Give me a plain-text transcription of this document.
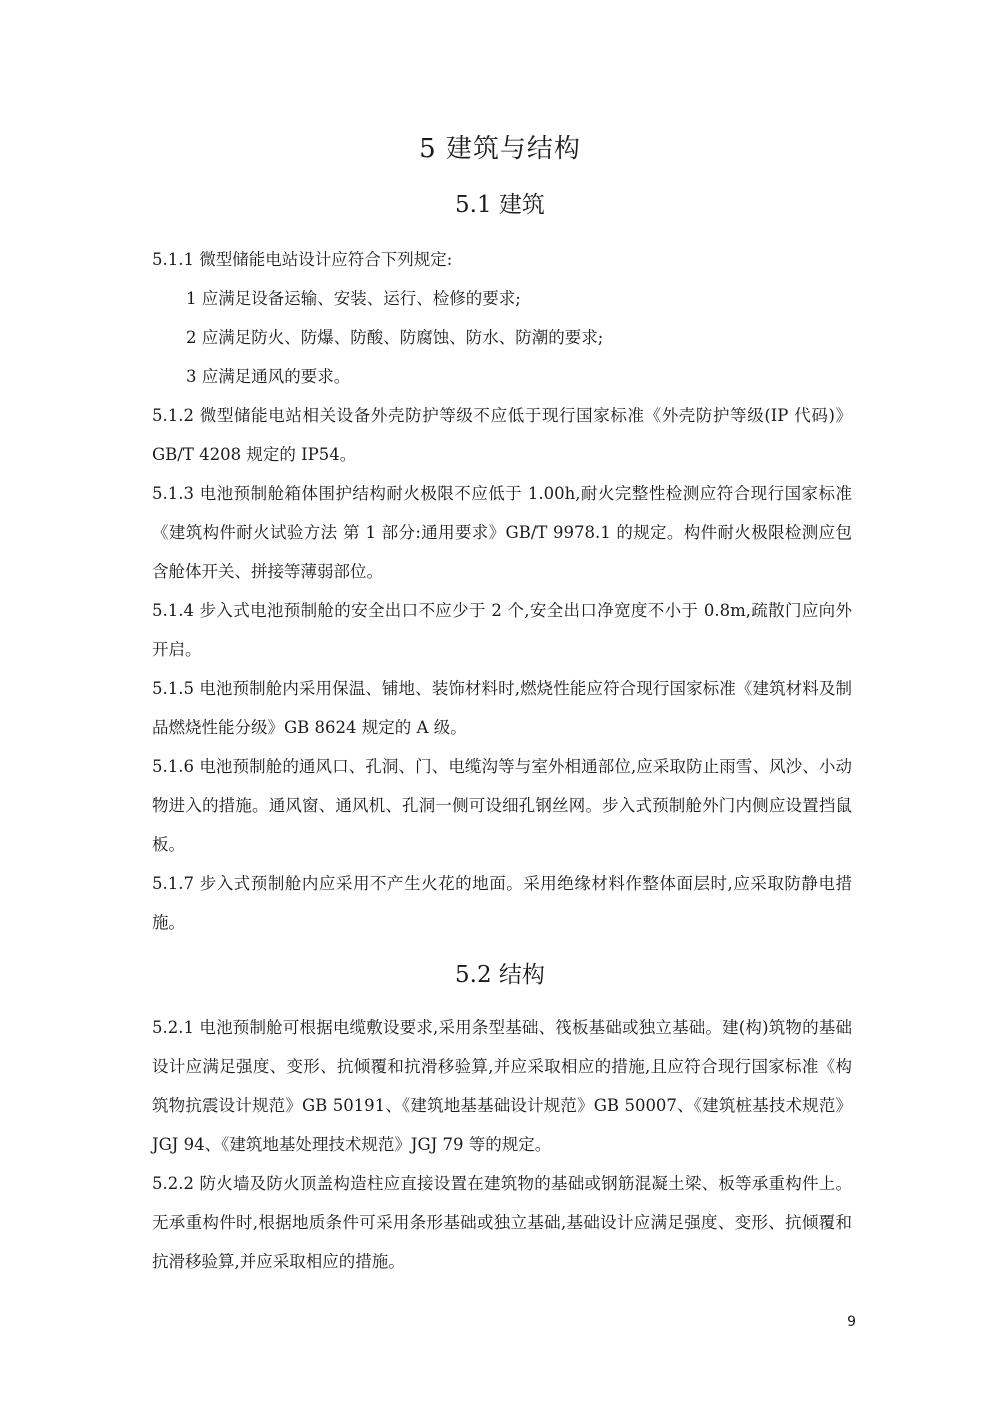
5 建筑与结构
5.1 建筑

5.1.1 微型储能电站设计应符合下列规定:

1 应满足设备运输、安装、运行、检修的要求;

2 应满足防火、防爆、防酸、防腐蚀、防水、防潮的要求;

3 应满足通风的要求。

5.1.2 微型储能电站相关设备外壳防护等级不应低于现行国家标准《外壳防护等级(IP 代码)》GB/T 4208 规定的 IP54。

5.1.3 电池预制舱箱体围护结构耐火极限不应低于 1.00h,耐火完整性检测应符合现行国家标准《建筑构件耐火试验方法 第 1 部分:通用要求》GB/T 9978.1 的规定。构件耐火极限检测应包含舱体开关、拼接等薄弱部位。

5.1.4 步入式电池预制舱的安全出口不应少于 2 个,安全出口净宽度不小于 0.8m,疏散门应向外开启。

5.1.5 电池预制舱内采用保温、铺地、装饰材料时,燃烧性能应符合现行国家标准《建筑材料及制品燃烧性能分级》GB 8624 规定的 A 级。

5.1.6 电池预制舱的通风口、孔洞、门、电缆沟等与室外相通部位,应采取防止雨雪、风沙、小动物进入的措施。通风窗、通风机、孔洞一侧可设细孔钢丝网。步入式预制舱外门内侧应设置挡鼠板。

5.1.7 步入式预制舱内应采用不产生火花的地面。采用绝缘材料作整体面层时,应采取防静电措施。

5.2 结构

5.2.1 电池预制舱可根据电缆敷设要求,采用条型基础、筏板基础或独立基础。建(构)筑物的基础设计应满足强度、变形、抗倾覆和抗滑移验算,并应采取相应的措施,且应符合现行国家标准《构筑物抗震设计规范》GB 50191、《建筑地基基础设计规范》GB 50007、《建筑桩基技术规范》JGJ 94、《建筑地基处理技术规范》JGJ 79 等的规定。

5.2.2 防火墙及防火顶盖构造柱应直接设置在建筑物的基础或钢筋混凝土梁、板等承重构件上。无承重构件时,根据地质条件可采用条形基础或独立基础,基础设计应满足强度、变形、抗倾覆和抗滑移验算,并应采取相应的措施。

9
